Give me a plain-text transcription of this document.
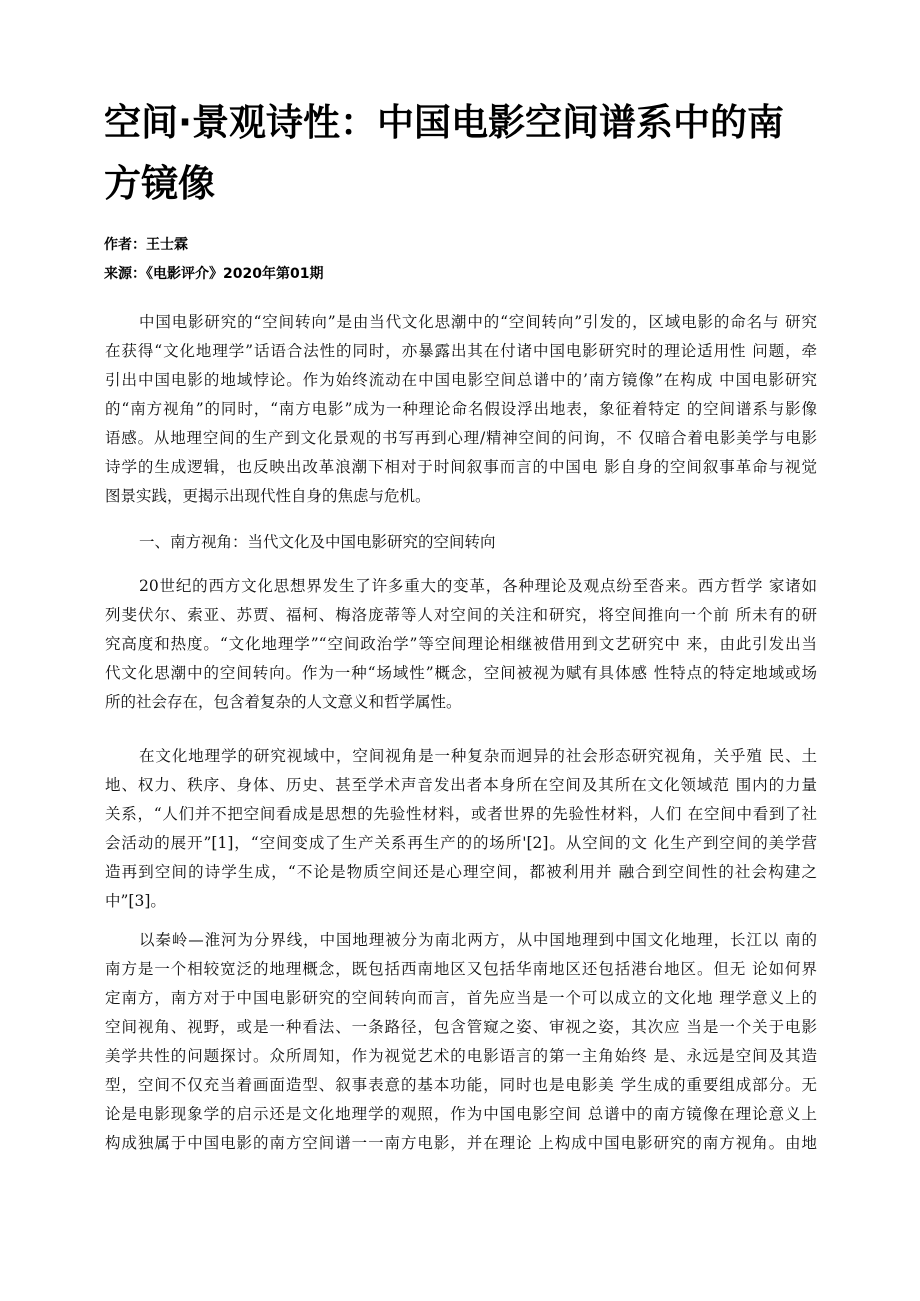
空间·景观诗性：中国电影空间谱系中的南
方镜像
作者：王士霖
来源：《电影评介》2020年第01期
中国电影研究的“空间转向”是由当代文化思潮中的“空间转向”引发的，区域电影的命名与 研究
在获得“文化地理学”话语合法性的同时，亦暴露出其在付诸中国电影研究时的理论适用性 问题，牵
引出中国电影的地域悖论。作为始终流动在中国电影空间总谱中的’南方镜像”在构成 中国电影研究
的“南方视角”的同时，“南方电影”成为一种理论命名假设浮出地表，象征着特定 的空间谱系与影像
语感。从地理空间的生产到文化景观的书写再到心理/精神空间的问询，不 仅暗合着电影美学与电影
诗学的生成逻辑，也反映出改革浪潮下相对于时间叙事而言的中国电 影自身的空间叙事革命与视觉
图景实践，更揭示出现代性自身的焦虑与危机。
一、南方视角：当代文化及中国电影研究的空间转向
20世纪的西方文化思想界发生了许多重大的变革，各种理论及观点纷至沓来。西方哲学 家诸如
列斐伏尔、索亚、苏贾、福柯、梅洛庞蒂等人对空间的关注和研究，将空间推向一个前 所未有的研
究高度和热度。“文化地理学”“空间政治学”等空间理论相继被借用到文艺研究中 来，由此引发出当
代文化思潮中的空间转向。作为一种“场域性”概念，空间被视为赋有具体感 性特点的特定地域或场
所的社会存在，包含着复杂的人文意义和哲学属性。
在文化地理学的研究视域中，空间视角是一种复杂而迥异的社会形态研究视角，关乎殖 民、土
地、权力、秩序、身体、历史、甚至学术声音发出者本身所在空间及其所在文化领域范 围内的力量
关系，“人们并不把空间看成是思想的先验性材料，或者世界的先验性材料，人们 在空间中看到了社
会活动的展开”[1]，“空间变成了生产关系再生产的的场所'[2]。从空间的文 化生产到空间的美学营
造再到空间的诗学生成，“不论是物质空间还是心理空间，都被利用并 融合到空间性的社会构建之
中”[3]。
以秦岭—淮河为分界线，中国地理被分为南北两方，从中国地理到中国文化地理，长江以 南的
南方是一个相较宽泛的地理概念，既包括西南地区又包括华南地区还包括港台地区。但无 论如何界
定南方，南方对于中国电影研究的空间转向而言，首先应当是一个可以成立的文化地 理学意义上的
空间视角、视野，或是一种看法、一条路径，包含管窥之姿、审视之姿，其次应 当是一个关于电影
美学共性的问题探讨。众所周知，作为视觉艺术的电影语言的第一主角始终 是、永远是空间及其造
型，空间不仅充当着画面造型、叙事表意的基本功能，同时也是电影美 学生成的重要组成部分。无
论是电影现象学的启示还是文化地理学的观照，作为中国电影空间 总谱中的南方镜像在理论意义上
构成独属于中国电影的南方空间谱一一南方电影，并在理论 上构成中国电影研究的南方视角。由地
